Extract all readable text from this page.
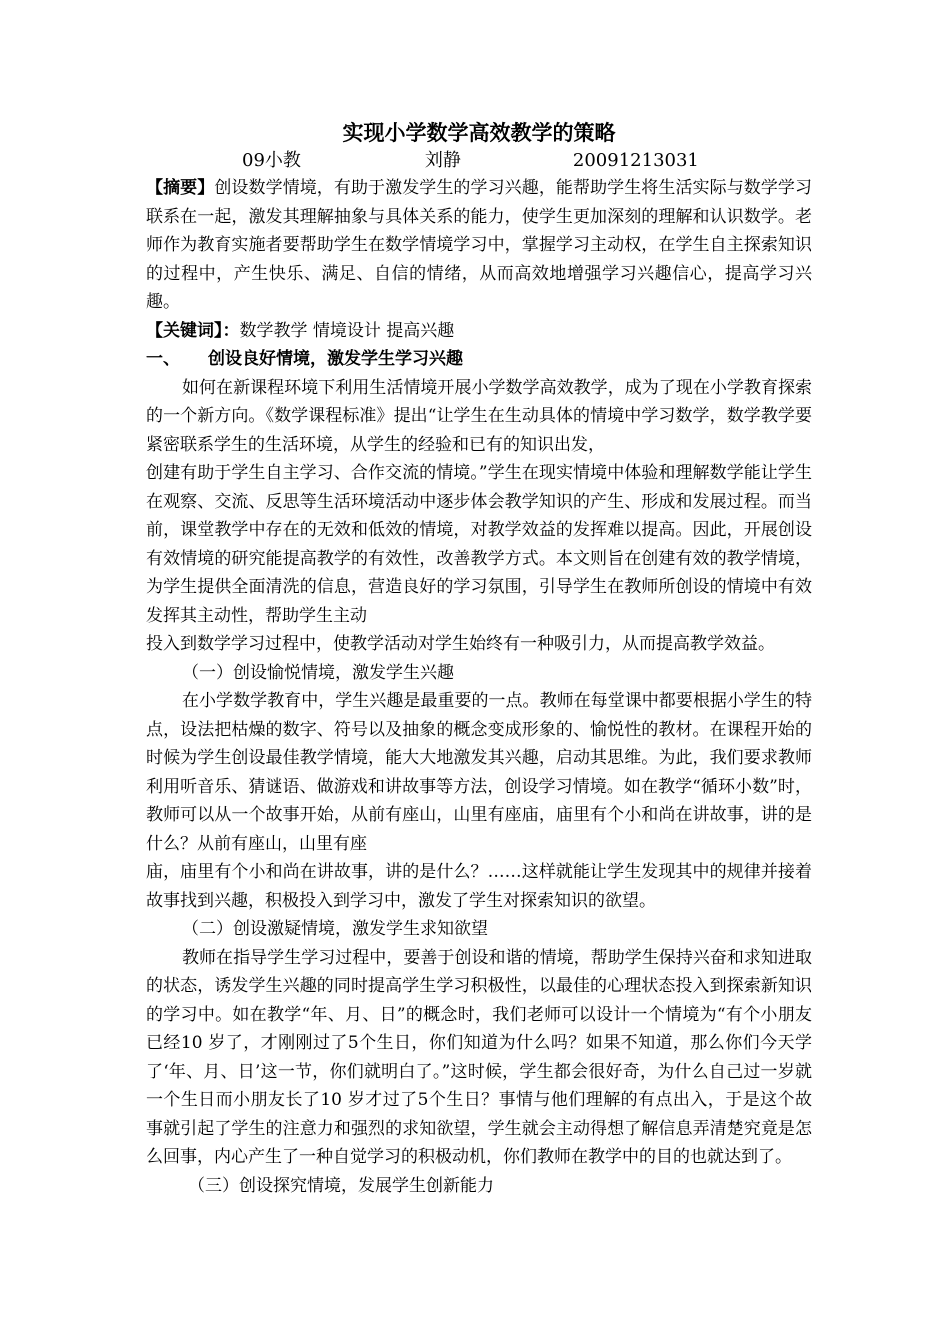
实现小学数学高效教学的策略
09小教	刘静	20091213031

【摘要】创设数学情境，有助于激发学生的学习兴趣，能帮助学生将生活实际与数学学习联系在一起，激发其理解抽象与具体关系的能力，使学生更加深刻的理解和认识数学。老师作为教育实施者要帮助学生在数学情境学习中，掌握学习主动权，在学生自主探索知识的过程中，产生快乐、满足、自信的情绪，从而高效地增强学习兴趣信心，提高学习兴趣。

【关键词】：数学教学 情境设计 提高兴趣

一、 创设良好情境，激发学生学习兴趣

如何在新课程环境下利用生活情境开展小学数学高效教学，成为了现在小学教育探索的一个新方向。《数学课程标准》提出“让学生在生动具体的情境中学习数学，数学教学要紧密联系学生的生活环境，从学生的经验和已有的知识出发，

创建有助于学生自主学习、合作交流的情境。”学生在现实情境中体验和理解数学能让学生在观察、交流、反思等生活环境活动中逐步体会教学知识的产生、形成和发展过程。而当前，课堂教学中存在的无效和低效的情境，对教学效益的发挥难以提高。因此，开展创设有效情境的研究能提高教学的有效性，改善教学方式。本文则旨在创建有效的教学情境，为学生提供全面清洗的信息，营造良好的学习氛围，引导学生在教师所创设的情境中有效发挥其主动性，帮助学生主动

投入到数学学习过程中，使教学活动对学生始终有一种吸引力，从而提高教学效益。

（一）创设愉悦情境，激发学生兴趣

在小学数学教育中，学生兴趣是最重要的一点。教师在每堂课中都要根据小学生的特点，设法把枯燥的数字、符号以及抽象的概念变成形象的、愉悦性的教材。在课程开始的时候为学生创设最佳教学情境，能大大地激发其兴趣，启动其思维。为此，我们要求教师利用听音乐、猜谜语、做游戏和讲故事等方法，创设学习情境。如在教学“循环小数”时，教师可以从一个故事开始，从前有座山，山里有座庙，庙里有个小和尚在讲故事，讲的是什么？从前有座山，山里有座

庙，庙里有个小和尚在讲故事，讲的是什么？……这样就能让学生发现其中的规律并接着故事找到兴趣，积极投入到学习中，激发了学生对探索知识的欲望。

（二）创设激疑情境，激发学生求知欲望

教师在指导学生学习过程中，要善于创设和谐的情境，帮助学生保持兴奋和求知进取的状态，诱发学生兴趣的同时提高学生学习积极性，以最佳的心理状态投入到探索新知识的学习中。如在教学“年、月、日”的概念时，我们老师可以设计一个情境为“有个小朋友已经10 岁了，才刚刚过了5个生日，你们知道为什么吗？如果不知道，那么你们今天学了‘年、月、日’这一节，你们就明白了。”这时候，学生都会很好奇，为什么自己过一岁就一个生日而小朋友长了10 岁才过了5个生日？事情与他们理解的有点出入，于是这个故事就引起了学生的注意力和强烈的求知欲望，学生就会主动得想了解信息弄清楚究竟是怎么回事，内心产生了一种自觉学习的积极动机，你们教师在教学中的目的也就达到了。

（三）创设探究情境，发展学生创新能力
